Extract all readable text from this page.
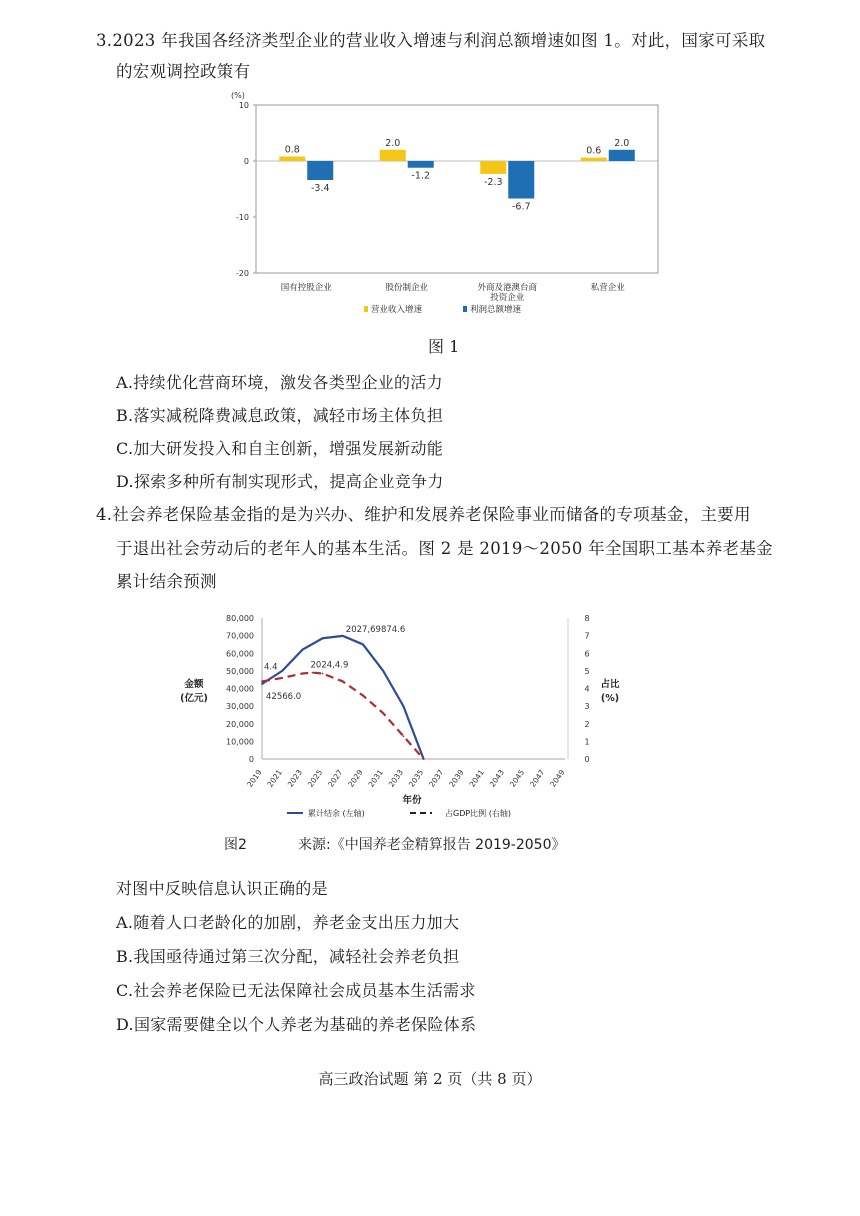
3.2023 年我国各经济类型企业的营业收入增速与利润总额增速如图 1。对此，国家可采取
的宏观调控政策有
(%)
10
0
-10
-20
0.8
-3.4
国有控股企业
2.0
-1.2
股份制企业
-2.3
-6.7
外商及港澳台商
投资企业
0.6
2.0
私营企业
营业收入增速	利润总额增速
图 1
A.持续优化营商环境，激发各类型企业的活力
B.落实减税降费减息政策，减轻市场主体负担
C.加大研发投入和自主创新，增强发展新动能
D.探索多种所有制实现形式，提高企业竞争力
4.社会养老保险基金指的是为兴办、维护和发展养老保险事业而储备的专项基金，主要用
于退出社会劳动后的老年人的基本生活。图 2 是 2019～2050 年全国职工基本养老基金
累计结余预测
80,000
70,000
60,000
50,000
40,000
30,000
20,000
10,000
0
8
7
6
5
4
3
2
1
0
2019 2021 2023 2025 2027 2029 2031 2033 2035 2037 2039 2041 2043 2045 2047 2049
年份
金额
(亿元)
占比
(%)
2027,69874.6
2024,4.9
4.4
42566.0
累计结余 (左轴)	占GDP比例 (右轴)
图2	来源:《中国养老金精算报告 2019-2050》
对图中反映信息认识正确的是
A.随着人口老龄化的加剧，养老金支出压力加大
B.我国亟待通过第三次分配，减轻社会养老负担
C.社会养老保险已无法保障社会成员基本生活需求
D.国家需要健全以个人养老为基础的养老保险体系
高三政治试题 第 2 页（共 8 页）
